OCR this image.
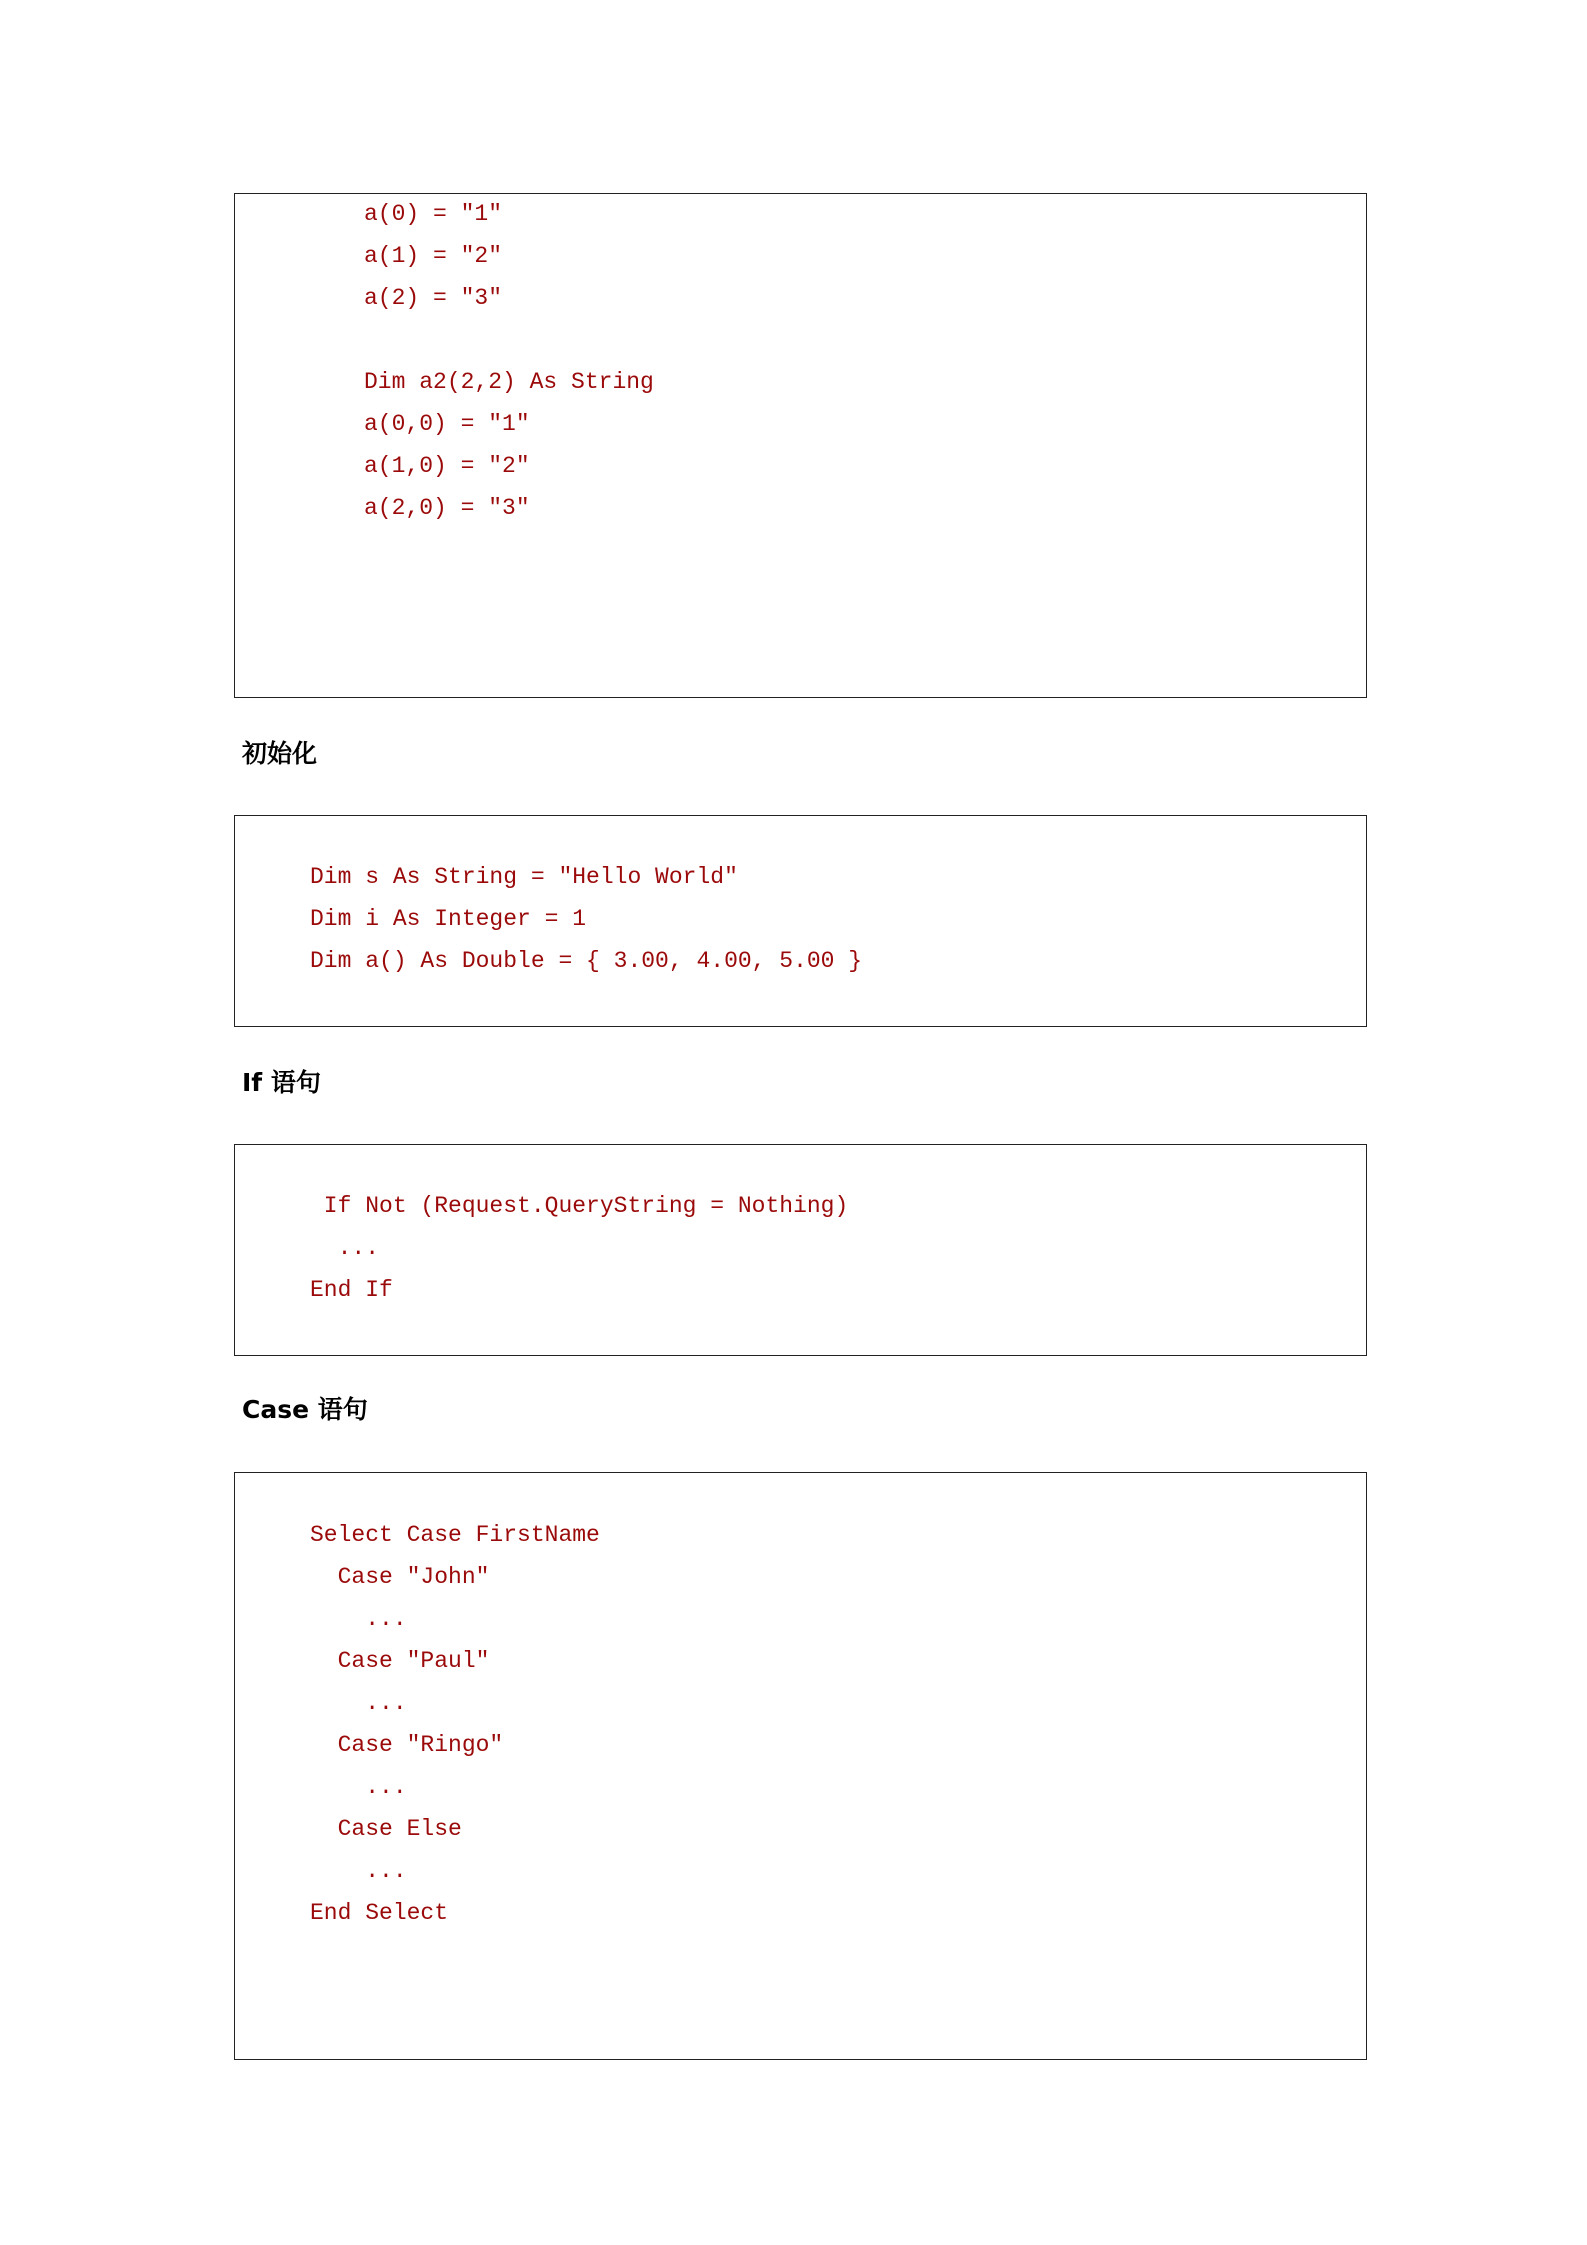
a(0) = "1"
a(1) = "2"
a(2) = "3"
Dim a2(2,2) As String
a(0,0) = "1"
a(1,0) = "2"
a(2,0) = "3"
初始化
Dim s As String = "Hello World"
Dim i As Integer = 1
Dim a() As Double = { 3.00, 4.00, 5.00 }
If 语句
If Not (Request.QueryString = Nothing)
...
End If
Case 语句
Select Case FirstName
Case "John"
...
Case "Paul"
...
Case "Ringo"
...
Case Else
...
End Select
